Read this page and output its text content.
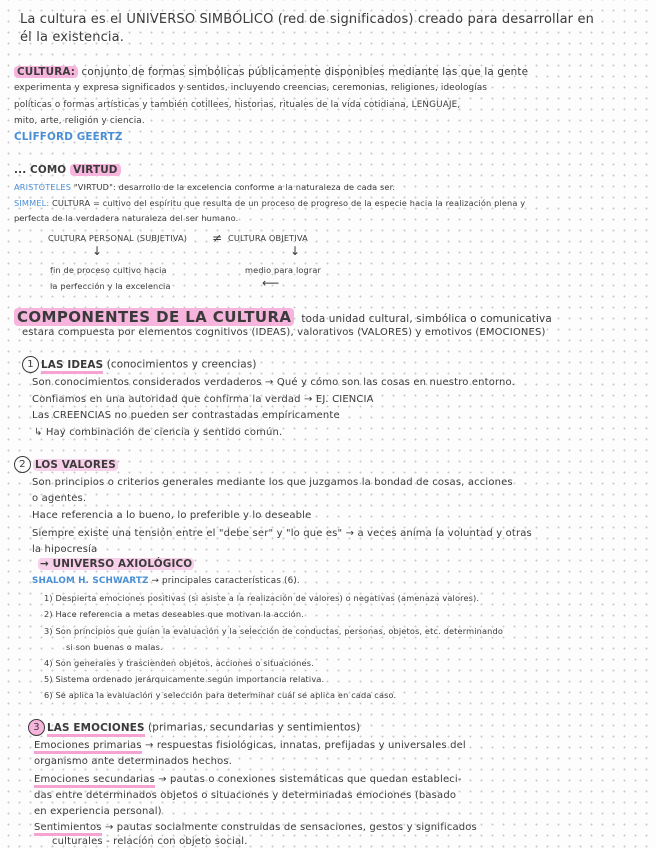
La cultura es el UNIVERSO SIMBÓLICO (red de significados) creado para desarrollar en
él la existencia.
CULTURA: conjunto de formas simbólicas públicamente disponibles mediante las que la gente
experimenta y expresa significados y sentidos, incluyendo creencias, ceremonias, religiones, ideologías
políticas o formas artísticas y también cotillees, historias, rituales de la vida cotidiana, LENGUAJE,
mito, arte, religión y ciencia.
CLIFFORD GEERTZ
... COMO VIRTUD
ARISTÓTELES "VIRTUD": desarrollo de la excelencia conforme a la naturaleza de cada ser.
SIMMEL: CULTURA = cultivo del espíritu que resulta de un proceso de progreso de la especie hacia la realización plena y
perfecta de la verdadera naturaleza del ser humano.
CULTURA PERSONAL (SUBJETIVA) ≠ CULTURA OBJETIVA
↓	↓
fin de proceso cultivo hacia
la perfección y la excelencia
medio para lograr
⟵
COMPONENTES DE LA CULTURA toda unidad cultural, simbólica o comunicativa
estara compuesta por elementos cognitivos (IDEAS), valorativos (VALORES) y emotivos (EMOCIONES)
1 LAS IDEAS (conocimientos y creencias)
Son conocimientos considerados verdaderos → Qué y cómo son las cosas en nuestro entorno.
Confiamos en una autoridad que confirma la verdad → EJ. CIENCIA
Las CREENCIAS no pueden ser contrastadas empíricamente
↳ Hay combinación de ciencia y sentido común.
2 LOS VALORES
Son principios o criterios generales mediante los que juzgamos la bondad de cosas, acciones
o agentes.
Hace referencia a lo bueno, lo preferible y lo deseable
Siempre existe una tensión entre el "debe ser" y "lo que es" → a veces anima la voluntad y otras
la hipocresía
→ UNIVERSO AXIOLÓGICO
SHALOM H. SCHWARTZ → principales características (6).
1) Despierta emociones positivas (si asiste a la realización de valores) o negativas (amenaza valores).
2) Hace referencia a metas deseables que motivan la acción.
3) Son principios que guían la evaluación y la selección de conductas, personas, objetos, etc. determinando
si son buenas o malas.
4) Son generales y trascienden objetos, acciones o situaciones.
5) Sistema ordenado jerárquicamente según importancia relativa.
6) Se aplica la evaluación y selección para determinar cuál se aplica en cada caso.
3 LAS EMOCIONES (primarias, secundarias y sentimientos)
Emociones primarias → respuestas fisiológicas, innatas, prefijadas y universales del
organismo ante determinados hechos.
Emociones secundarias → pautas o conexiones sistemáticas que quedan estableci-
das entre determinados objetos o situaciones y determinadas emociones (basado
en experiencia personal)
Sentimientos → pautas socialmente construidas de sensaciones, gestos y significados
culturales - relación con objeto social.
